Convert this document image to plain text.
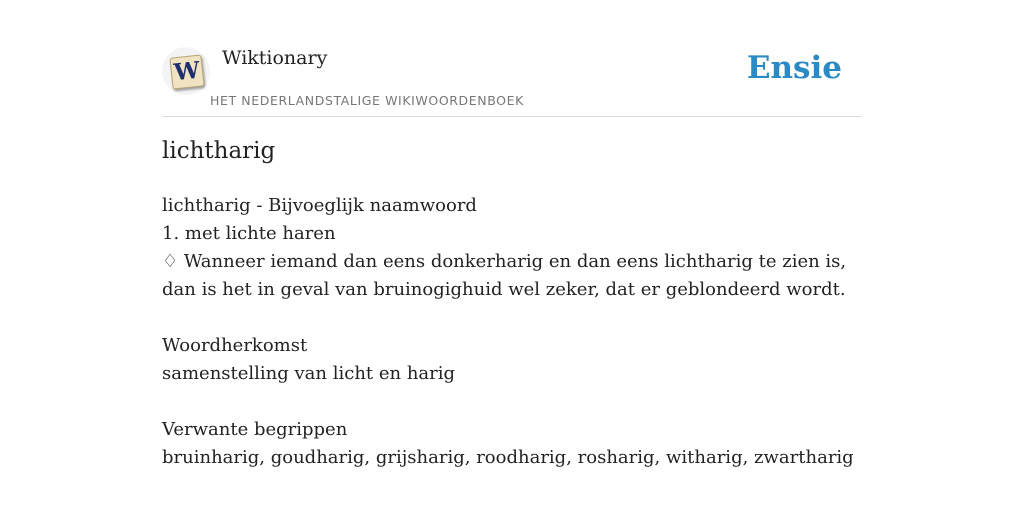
W Wiktionary
HET NEDERLANDSTALIGE WIKIWOORDENBOEK
Ensie
lichtharig

lichtharig - Bijvoeglijk naamwoord

1. met lichte haren

♢ Wanneer iemand dan eens donkerharig en dan eens lichtharig te zien is, dan is het in geval van bruinogighuid wel zeker, dat er geblondeerd wordt.

Woordherkomst

samenstelling van licht en harig

Verwante begrippen

bruinharig, goudharig, grijsharig, roodharig, rosharig, witharig, zwartharig
